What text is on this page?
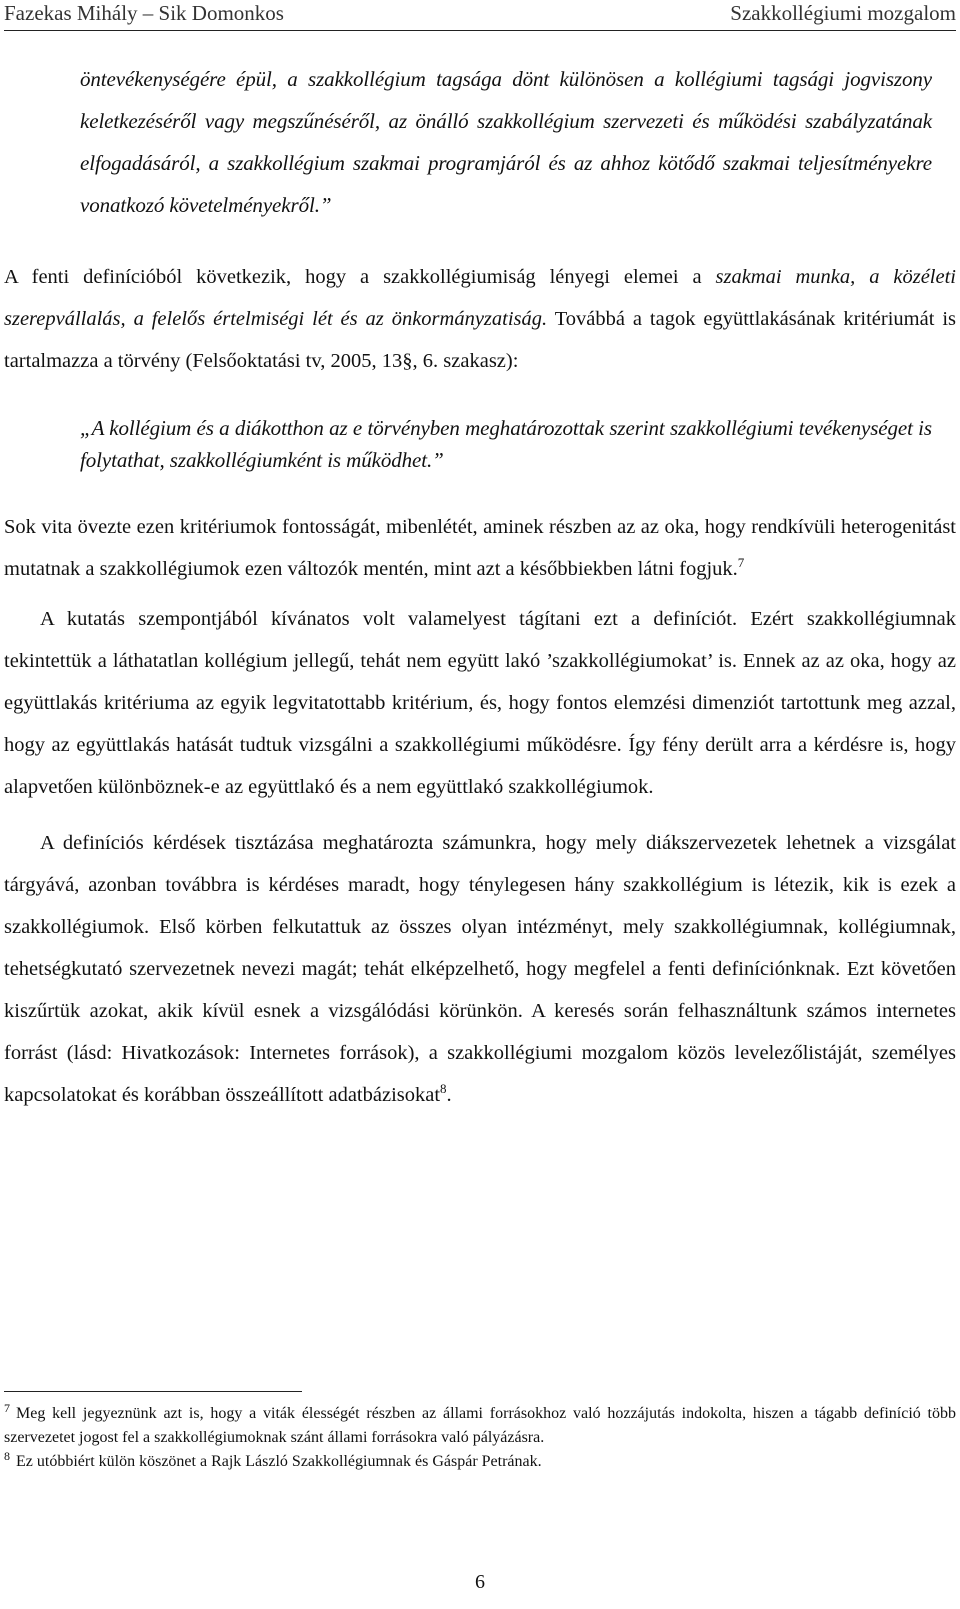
Fazekas Mihály – Sik Domonkos	Szakkollégiumi mozgalom

öntevékenységére épül, a szakkollégium tagsága dönt különösen a kollégiumi tagsági jogviszony keletkezéséről vagy megszűnéséről, az önálló szakkollégium szervezeti és működési szabályzatának elfogadásáról, a szakkollégium szakmai programjáról és az ahhoz kötődő szakmai teljesítményekre vonatkozó követelményekről.”

A fenti definícióból következik, hogy a szakkollégiumiság lényegi elemei a szakmai munka, a közéleti szerepvállalás, a felelős értelmiségi lét és az önkormányzatiság. Továbbá a tagok együttlakásának kritériumát is tartalmazza a törvény (Felsőoktatási tv, 2005, 13§, 6. szakasz):

„A kollégium és a diákotthon az e törvényben meghatározottak szerint szakkollégiumi tevékenységet is folytathat, szakkollégiumként is működhet.”

Sok vita övezte ezen kritériumok fontosságát, mibenlétét, aminek részben az az oka, hogy rendkívüli heterogenitást mutatnak a szakkollégiumok ezen változók mentén, mint azt a későbbiekben látni fogjuk.$^7$

A kutatás szempontjából kívánatos volt valamelyest tágítani ezt a definíciót. Ezért szakkollégiumnak tekintettük a láthatatlan kollégium jellegű, tehát nem együtt lakó ’szakkollégiumokat’ is. Ennek az az oka, hogy az együttlakás kritériuma az egyik legvitatottabb kritérium, és, hogy fontos elemzési dimenziót tartottunk meg azzal, hogy az együttlakás hatását tudtuk vizsgálni a szakkollégiumi működésre. Így fény derült arra a kérdésre is, hogy alapvetően különböznek-e az együttlakó és a nem együttlakó szakkollégiumok.

A definíciós kérdések tisztázása meghatározta számunkra, hogy mely diákszervezetek lehetnek a vizsgálat tárgyává, azonban továbbra is kérdéses maradt, hogy ténylegesen hány szakkollégium is létezik, kik is ezek a szakkollégiumok. Első körben felkutattuk az összes olyan intézményt, mely szakkollégiumnak, kollégiumnak, tehetségkutató szervezetnek nevezi magát; tehát elképzelhető, hogy megfelel a fenti definíciónknak. Ezt követően kiszűrtük azokat, akik kívül esnek a vizsgálódási körünkön. A keresés során felhasználtunk számos internetes forrást (lásd: Hivatkozások: Internetes források), a szakkollégiumi mozgalom közös levelezőlistáját, személyes kapcsolatokat és korábban összeállított adatbázisokat$^8$.

$^7$ Meg kell jegyeznünk azt is, hogy a viták élességét részben az állami forrásokhoz való hozzájutás indokolta, hiszen a tágabb definíció több szervezetet jogost fel a szakkollégiumoknak szánt állami forrásokra való pályázásra.

$^8$ Ez utóbbiért külön köszönet a Rajk László Szakkollégiumnak és Gáspár Petrának.

6
